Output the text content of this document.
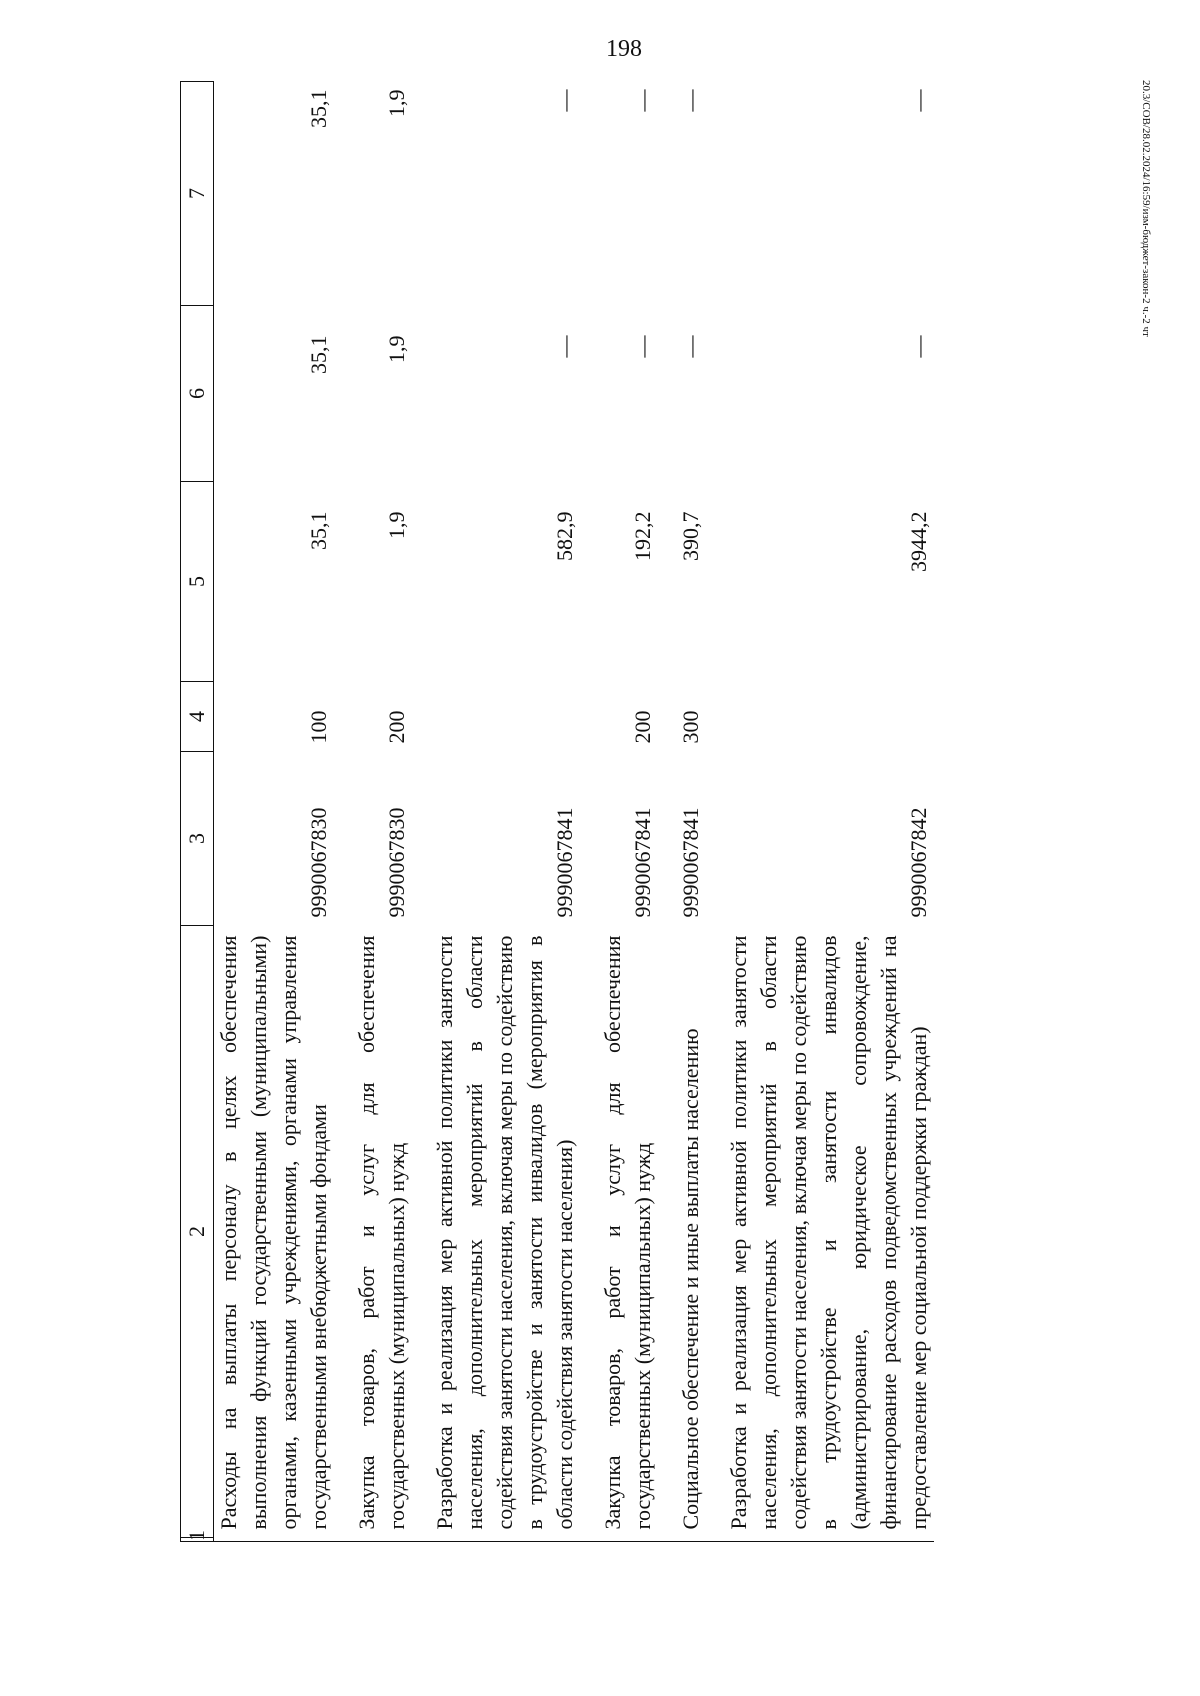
198
20.3/СОВ/28.02.2024/16:59/изм-бюджет-закон-2 ч.-2 чт
1	2	3	4	5	6	7
	Расходы на выплаты персоналу в целях обеспечения выполнения функций государственными (муниципальными) органами, казенными учреждениями, органами управления государственными внебюджетными фондами	9990067830	100	35,1	35,1	35,1

	Закупка товаров, работ и услуг для обеспечения государственных (муниципальных) нужд	9990067830	200	1,9	1,9	1,9

	Разработка и реализация мер активной политики занятости населения, дополнительных мероприятий в области содействия занятости населения, включая меры по содействию в трудоустройстве и занятости инвалидов (мероприятия в области содействия занятости населения)	9990067841		582,9	—	—

	Закупка товаров, работ и услуг для обеспечения государственных (муниципальных) нужд	9990067841	200	192,2	—	—

	Социальное обеспечение и иные выплаты населению	9990067841	300	390,7	—	—

	Разработка и реализация мер активной политики занятости населения, дополнительных мероприятий в области содействия занятости населения, включая меры по содействию в трудоустройстве и занятости инвалидов (администрирование, юридическое сопровождение, финансирование расходов подведомственных учреждений на предоставление мер социальной поддержки граждан)	9990067842		3944,2	—	—
